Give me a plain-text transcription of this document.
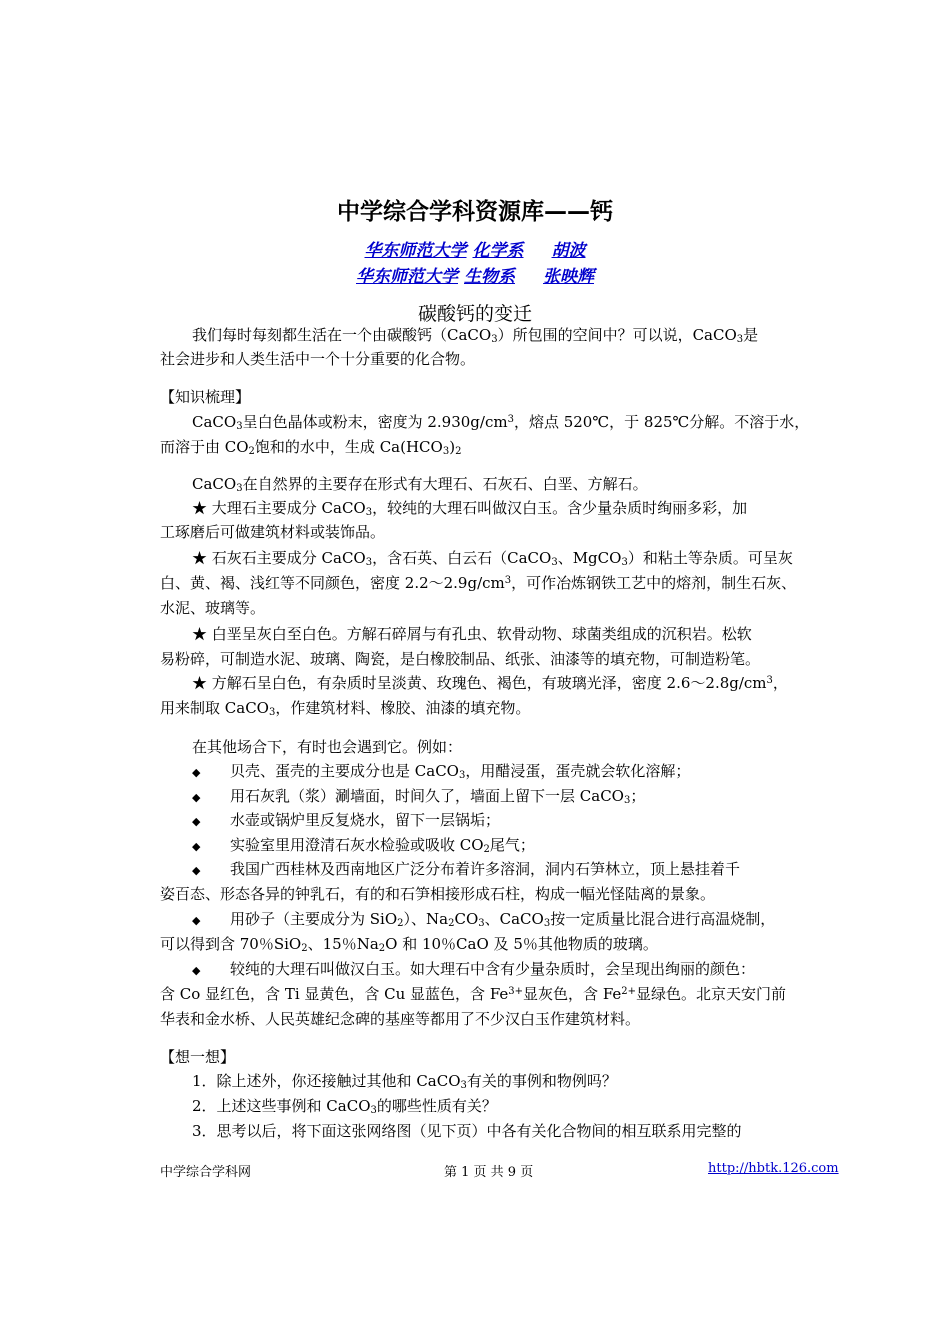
中学综合学科资源库——钙
华东师范大学 化学系 胡波
华东师范大学 生物系 张映辉
碳酸钙的变迁
我们每时每刻都生活在一个由碳酸钙（CaCO$_3$）所包围的空间中？可以说，CaCO$_3$是
社会进步和人类生活中一个十分重要的化合物。
【知识梳理】
CaCO$_3$呈白色晶体或粉末，密度为 $2.930g/cm^3$，熔点 520℃，于 825℃分解。不溶于水，
而溶于由 $CO_2$饱和的水中，生成 $Ca(HCO_3)_2$
CaCO$_3$在自然界的主要存在形式有大理石、石灰石、白垩、方解石。
★ 大理石主要成分 CaCO$_3$，较纯的大理石叫做汉白玉。含少量杂质时绚丽多彩，加
工琢磨后可做建筑材料或装饰品。
★ 石灰石主要成分 CaCO$_3$，含石英、白云石（CaCO$_3$、MgCO$_3$）和粘土等杂质。可呈灰
白、黄、褐、浅红等不同颜色，密度 $2.2\sim 2.9g/cm^3$，可作冶炼钢铁工艺中的熔剂，制生石灰、
水泥、玻璃等。
★ 白垩呈灰白至白色。方解石碎屑与有孔虫、软骨动物、球菌类组成的沉积岩。松软
易粉碎，可制造水泥、玻璃、陶瓷，是白橡胶制品、纸张、油漆等的填充物，可制造粉笔。
★ 方解石呈白色，有杂质时呈淡黄、玫瑰色、褐色，有玻璃光泽，密度 $2.6\sim 2.8g/cm^3$，
用来制取 CaCO$_3$，作建筑材料、橡胶、油漆的填充物。
在其他场合下，有时也会遇到它。例如：
◆ 贝壳、蛋壳的主要成分也是 CaCO$_3$，用醋浸蛋，蛋壳就会软化溶解；
◆ 用石灰乳（浆）涮墙面，时间久了，墙面上留下一层 CaCO$_3$；
◆ 水壶或锅炉里反复烧水，留下一层锅垢；
◆ 实验室里用澄清石灰水检验或吸收 $CO_2$尾气；
◆ 我国广西桂林及西南地区广泛分布着许多溶洞，洞内石笋林立，顶上悬挂着千
姿百态、形态各异的钟乳石，有的和石笋相接形成石柱，构成一幅光怪陆离的景象。
◆ 用砂子（主要成分为 SiO$_2$）、$Na_2CO_3$、CaCO$_3$按一定质量比混合进行高温烧制，
可以得到含 70％SiO$_2$、15％$Na_2O$ 和 10％CaO 及 5％其他物质的玻璃。
◆ 较纯的大理石叫做汉白玉。如大理石中含有少量杂质时，会呈现出绚丽的颜色：
含 Co 显红色，含 Ti 显黄色，含 Cu 显蓝色，含 $Fe^{3+}$显灰色，含 $Fe^{2+}$显绿色。北京天安门前
华表和金水桥、人民英雄纪念碑的基座等都用了不少汉白玉作建筑材料。
【想一想】
1．除上述外，你还接触过其他和 CaCO$_3$有关的事例和物例吗？
2．上述这些事例和 CaCO$_3$的哪些性质有关？
3．思考以后，将下面这张网络图（见下页）中各有关化合物间的相互联系用完整的
中学综合学科网	第 1 页 共 9 页	http://hbtk.126.com
